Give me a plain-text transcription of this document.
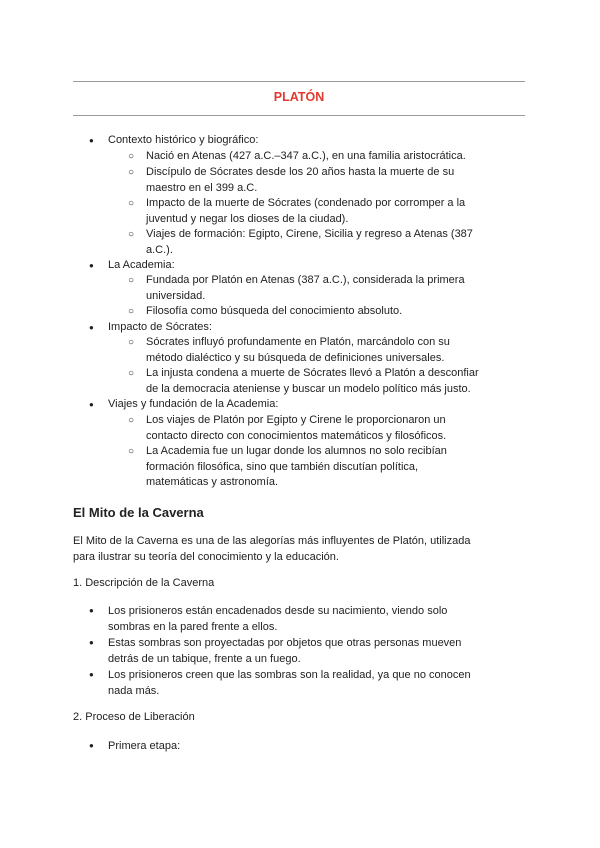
PLATÓN
● Contexto histórico y biográfico:
○ Nació en Atenas (427 a.C.–347 a.C.), en una familia aristocrática.
○ Discípulo de Sócrates desde los 20 años hasta la muerte de su
maestro en el 399 a.C.
○ Impacto de la muerte de Sócrates (condenado por corromper a la
juventud y negar los dioses de la ciudad).
○ Viajes de formación: Egipto, Cirene, Sicilia y regreso a Atenas (387
a.C.).
● La Academia:
○ Fundada por Platón en Atenas (387 a.C.), considerada la primera
universidad.
○ Filosofía como búsqueda del conocimiento absoluto.
● Impacto de Sócrates:
○ Sócrates influyó profundamente en Platón, marcándolo con su
método dialéctico y su búsqueda de definiciones universales.
○ La injusta condena a muerte de Sócrates llevó a Platón a desconfiar
de la democracia ateniense y buscar un modelo político más justo.
● Viajes y fundación de la Academia:
○ Los viajes de Platón por Egipto y Cirene le proporcionaron un
contacto directo con conocimientos matemáticos y filosóficos.
○ La Academia fue un lugar donde los alumnos no solo recibían
formación filosófica, sino que también discutían política,
matemáticas y astronomía.
El Mito de la Caverna
El Mito de la Caverna es una de las alegorías más influyentes de Platón, utilizada
para ilustrar su teoría del conocimiento y la educación.
1. Descripción de la Caverna
● Los prisioneros están encadenados desde su nacimiento, viendo solo
sombras en la pared frente a ellos.
● Estas sombras son proyectadas por objetos que otras personas mueven
detrás de un tabique, frente a un fuego.
● Los prisioneros creen que las sombras son la realidad, ya que no conocen
nada más.
2. Proceso de Liberación
● Primera etapa:
